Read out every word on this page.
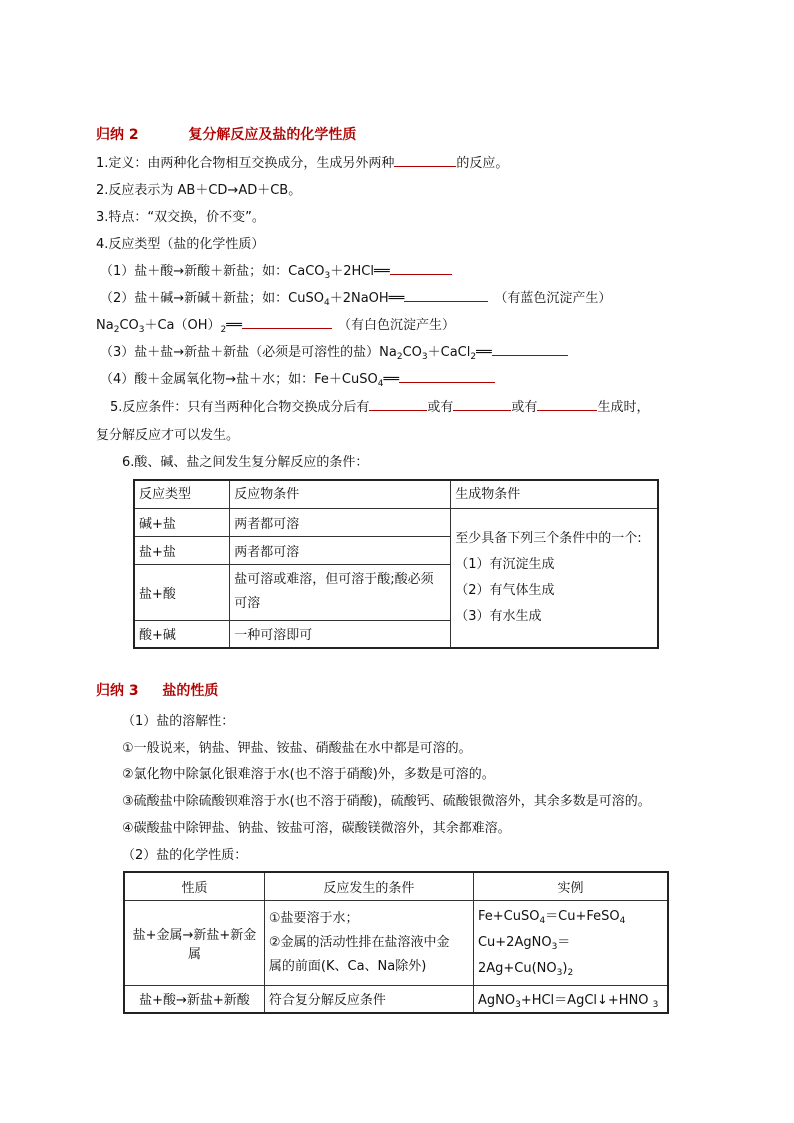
归纳 2	复分解反应及盐的化学性质
1.定义：由两种化合物相互交换成分，生成另外两种	的反应。
2.反应表示为 AB＋CD→AD＋CB。
3.特点：“双交换，价不变”。
4.反应类型（盐的化学性质）
（1）盐＋酸→新酸＋新盐；如：CaCO$_3$＋2HCl══
（2）盐＋碱→新碱＋新盐；如：CuSO$_4$＋2NaOH══	（有蓝色沉淀产生）
$Na_2CO_3+Ca(OH)_2══$	（有白色沉淀产生）
（3）盐＋盐→新盐＋新盐（必须是可溶性的盐）$Na_2CO_3+CaCl_2══$
（4）酸＋金属氧化物→盐＋水；如：Fe＋CuSO$_4$══
5.反应条件：只有当两种化合物交换成分后有	或有	或有	生成时，
复分解反应才可以发生。
6.酸、碱、盐之间发生复分解反应的条件：
反应类型	反应物条件	生成物条件
碱+盐	两者都可溶	至少具备下列三个条件中的一个:
（1）有沉淀生成
（2）有气体生成
（3）有水生成

盐+盐	两者都可溶	
盐+酸	盐可溶或难溶，但可溶于酸;酸必须
可溶	

酸+碱	一种可溶即可	
归纳 3 盐的性质
（1）盐的溶解性：
①一般说来，钠盐、钾盐、铵盐、硝酸盐在水中都是可溶的。
②氯化物中除氯化银难溶于水(也不溶于硝酸)外，多数是可溶的。
③硫酸盐中除硫酸钡难溶于水(也不溶于硝酸)，硫酸钙、硫酸银微溶外，其余多数是可溶的。
④碳酸盐中除钾盐、钠盐、铵盐可溶，碳酸镁微溶外，其余都难溶。
（2）盐的化学性质：
性质	反应发生的条件	实例
盐+金属→新盐+新金属	①盐要溶于水；
②金属的活动性排在盐溶液中金
属的前面(K、Ca、Na除外)	Fe+CuSO$_4$＝Cu+FeSO$_4$
$Cu+2AgNO_3=2Ag+Cu(NO_3)_2$

盐+酸→新盐+新酸	符合复分解反应条件	AgNO$_3$+HCl＝AgCl↓+HNO $_3$
